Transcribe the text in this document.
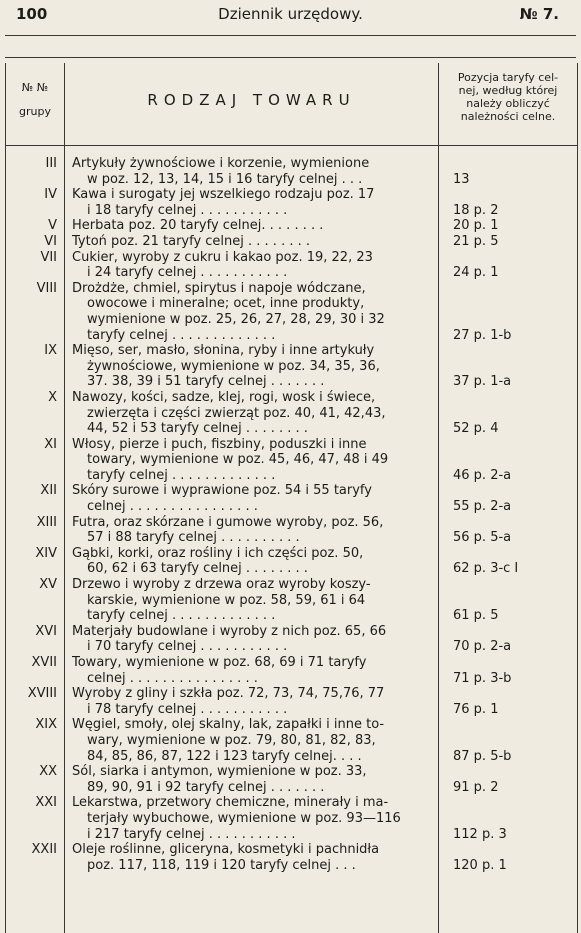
100	Dziennik urzędowy.	№ 7.
№ №
grupy
RODZAJ TOWARU
Pozycja taryfy cel-
nej, według której
należy obliczyć
należności celne.
III Artykuły żywnościowe i korzenie, wymienione
w poz. 12, 13, 14, 15 i 16 taryfy celnej . . .	13
IV Kawa i surogaty jej wszelkiego rodzaju poz. 17
i 18 taryfy celnej . . . . . . . . . . .	18 p. 2
V Herbata poz. 20 taryfy celnej. . . . . . . .	20 p. 1
VI Tytoń poz. 21 taryfy celnej . . . . . . . .	21 p. 5
VII Cukier, wyroby z cukru i kakao poz. 19, 22, 23
i 24 taryfy celnej . . . . . . . . . . .	24 p. 1
VIII Drożdże, chmiel, spirytus i napoje wódczane,
owocowe i mineralne; ocet, inne produkty,
wymienione w poz. 25, 26, 27, 28, 29, 30 i 32
taryfy celnej . . . . . . . . . . . . .	27 p. 1-b
IX Mięso, ser, masło, słonina, ryby i inne artykuły
żywnościowe, wymienione w poz. 34, 35, 36,
37. 38, 39 i 51 taryfy celnej . . . . . . .	37 p. 1-a
X Nawozy, kości, sadze, klej, rogi, wosk i świece,
zwierzęta i części zwierząt poz. 40, 41, 42,43,
44, 52 i 53 taryfy celnej . . . . . . . .	52 p. 4
XI Włosy, pierze i puch, fiszbiny, poduszki i inne
towary, wymienione w poz. 45, 46, 47, 48 i 49
taryfy celnej . . . . . . . . . . . . .	46 p. 2-a
XII Skóry surowe i wyprawione poz. 54 i 55 taryfy
celnej . . . . . . . . . . . . . . . .	55 p. 2-a
XIII Futra, oraz skórzane i gumowe wyroby, poz. 56,
57 i 88 taryfy celnej . . . . . . . . . .	56 p. 5-a
XIV Gąbki, korki, oraz rośliny i ich części poz. 50,
60, 62 i 63 taryfy celnej . . . . . . . .	62 p. 3-c I
XV Drzewo i wyroby z drzewa oraz wyroby koszy-
karskie, wymienione w poz. 58, 59, 61 i 64
taryfy celnej . . . . . . . . . . . . .	61 p. 5
XVI Materjały budowlane i wyroby z nich poz. 65, 66
i 70 taryfy celnej . . . . . . . . . . .	70 p. 2-a
XVII Towary, wymienione w poz. 68, 69 i 71 taryfy
celnej . . . . . . . . . . . . . . . .	71 p. 3-b
XVIII Wyroby z gliny i szkła poz. 72, 73, 74, 75,76, 77
i 78 taryfy celnej . . . . . . . . . . .	76 p. 1
XIX Węgiel, smoły, olej skalny, lak, zapałki i inne to-
wary, wymienione w poz. 79, 80, 81, 82, 83,
84, 85, 86, 87, 122 i 123 taryfy celnej. . . .	87 p. 5-b
XX Sól, siarka i antymon, wymienione w poz. 33,
89, 90, 91 i 92 taryfy celnej . . . . . . .	91 p. 2
XXI Lekarstwa, przetwory chemiczne, minerały i ma-
terjały wybuchowe, wymienione w poz. 93—116
i 217 taryfy celnej . . . . . . . . . . .	112 p. 3
XXII Oleje roślinne, gliceryna, kosmetyki i pachnidła
poz. 117, 118, 119 i 120 taryfy celnej . . .	120 p. 1
